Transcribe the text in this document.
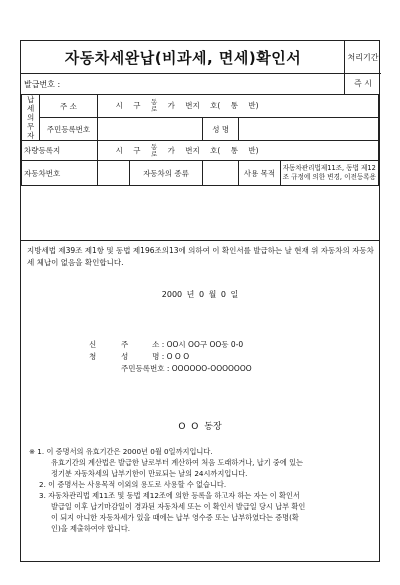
자동차세완납(비과세, 면세)확인서
발급번호 :
처리기간
즉 시
납 세 의무자	주 소	시 구 동
로 가 번지 호( 통 반)				
	주민등록번호			성 명		
차량등록지		시 구 동
로 가 번지 호( 통 반)				
자동차번호			자동차의 종류		사용 목적	자동차관리법제11조, 동법 제12
조 규정에 의한 변경, 이전등록용
지방세법 제39조 제1항 및 동법 제196조의13에 의하여 이 확인서를 발급하는 날 현재 위 자동차의 자동차세 체납이 없음을 확인합니다.
2000 년 0 월 0 일
신청
주          소 : OO시 OO구 OO동 0-0
성          명 : O O O
주민등록번호 : OOOOOO-OOOOOOO
O O 동장
※ 1. 이 증명서의 유효기간은 2000년 0월 0일까지입니다.
유효기간의 계산법은 발급한 날로부터 계산하여 처음 도래하거나, 납기 중에 있는
정기분 자동차세의 납부기한이 만료되는 날의 24시까지입니다.
2. 이 증명서는 사용목적 이외의 용도로 사용할 수 없습니다.
3. 자동차관리법 제11조 및 동법 제12조에 의한 등록을 하고자 하는 자는 이 확인서
발급일 이후 납기마감일이 경과된 자동차세 또는 이 확인서 발급일 당시 납부 확인
이 되지 아니한 자동차세가 있을 때에는 납부 영수증 또는 납부하였다는 증명(확
인)을 제출하여야 합니다.
